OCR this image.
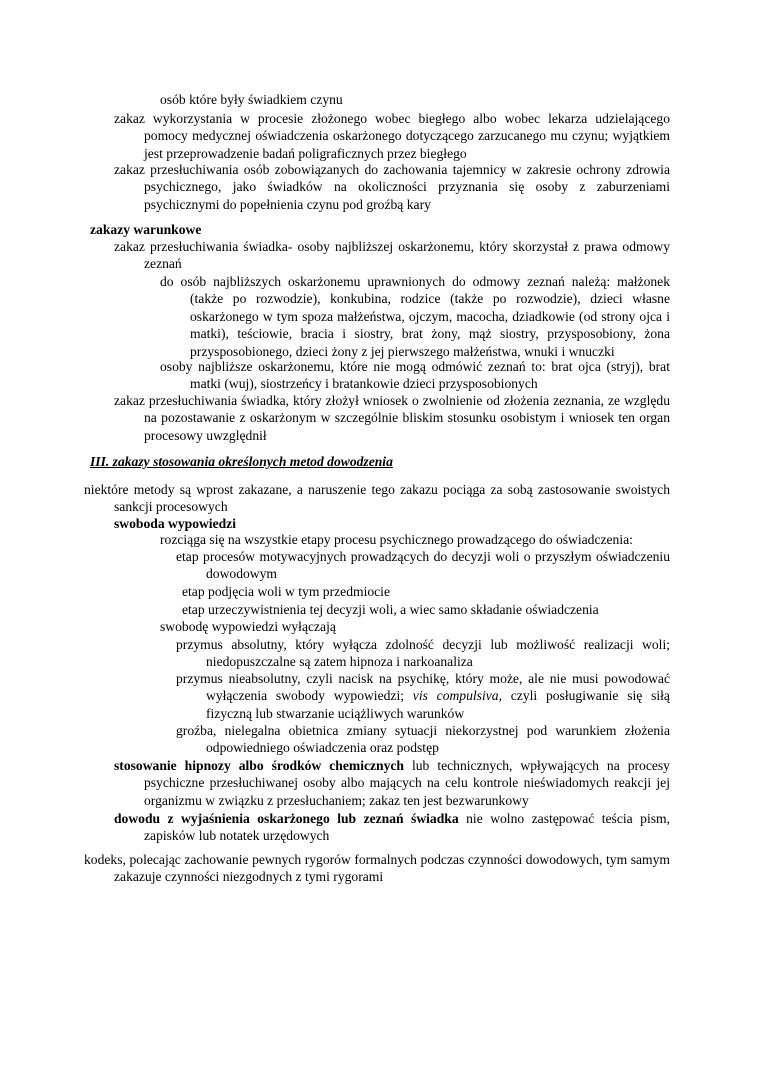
osób które były świadkiem czynu

zakaz wykorzystania w procesie złożonego wobec biegłego albo wobec lekarza udzielającego pomocy medycznej oświadczenia oskarżonego dotyczącego zarzucanego mu czynu; wyjątkiem jest przeprowadzenie badań poligraficznych przez biegłego

zakaz przesłuchiwania osób zobowiązanych do zachowania tajemnicy w zakresie ochrony zdrowia psychicznego, jako świadków na okoliczności przyznania się osoby z zaburzeniami psychicznymi do popełnienia czynu pod groźbą kary

zakazy warunkowe

zakaz przesłuchiwania świadka- osoby najbliższej oskarżonemu, który skorzystał z prawa odmowy zeznań

do osób najbliższych oskarżonemu uprawnionych do odmowy zeznań należą: małżonek (także po rozwodzie), konkubina, rodzice (także po rozwodzie), dzieci własne oskarżonego w tym spoza małżeństwa, ojczym, macocha, dziadkowie (od strony ojca i matki), teściowie, bracia i siostry, brat żony, mąż siostry, przysposobiony, żona przysposobionego, dzieci żony z jej pierwszego małżeństwa, wnuki i wnuczki

osoby najbliższe oskarżonemu, które nie mogą odmówić zeznań to: brat ojca (stryj), brat matki (wuj), siostrzeńcy i bratankowie dzieci przysposobionych

zakaz przesłuchiwania świadka, który złożył wniosek o zwolnienie od złożenia zeznania, ze względu na pozostawanie z oskarżonym w szczególnie bliskim stosunku osobistym i wniosek ten organ procesowy uwzględnił

III. zakazy stosowania określonych metod dowodzenia

niektóre metody są wprost zakazane, a naruszenie tego zakazu pociąga za sobą zastosowanie swoistych sankcji procesowych

swoboda wypowiedzi

rozciąga się na wszystkie etapy procesu psychicznego prowadzącego do oświadczenia:

etap procesów motywacyjnych prowadzących do decyzji woli o przyszłym oświadczeniu dowodowym

etap podjęcia woli w tym przedmiocie

etap urzeczywistnienia tej decyzji woli, a wiec samo składanie oświadczenia

swobodę wypowiedzi wyłączają

przymus absolutny, który wyłącza zdolność decyzji lub możliwość realizacji woli; niedopuszczalne są zatem hipnoza i narkoanaliza

przymus nieabsolutny, czyli nacisk na psychikę, który może, ale nie musi powodować wyłączenia swobody wypowiedzi; vis compulsiva, czyli posługiwanie się siłą fizyczną lub stwarzanie uciążliwych warunków

groźba, nielegalna obietnica zmiany sytuacji niekorzystnej pod warunkiem złożenia odpowiedniego oświadczenia oraz podstęp

stosowanie hipnozy albo środków chemicznych lub technicznych, wpływających na procesy psychiczne przesłuchiwanej osoby albo mających na celu kontrole nieświadomych reakcji jej organizmu w związku z przesłuchaniem; zakaz ten jest bezwarunkowy

dowodu z wyjaśnienia oskarżonego lub zeznań świadka nie wolno zastępować teścia pism, zapisków lub notatek urzędowych

kodeks, polecając zachowanie pewnych rygorów formalnych podczas czynności dowodowych, tym samym zakazuje czynności niezgodnych z tymi rygorami
